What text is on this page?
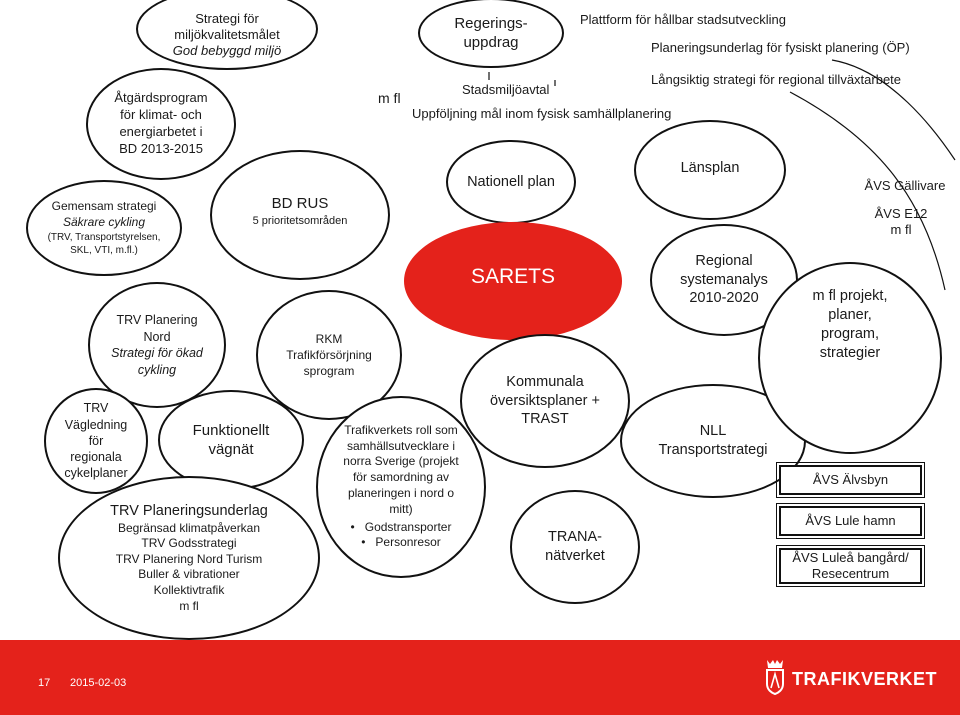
Strategi för
miljökvalitetsmålet
God bebyggd miljö
Regerings-
uppdrag
Plattform för hållbar stadsutveckling
Planeringsunderlag för fysiskt planering (ÖP)
Långsiktig strategi för regional tillväxtarbete
m fl
Stadsmiljöavtal
Uppföljning mål inom fysisk samhällplanering
Åtgärdsprogram
för klimat- och
energiarbetet i
BD 2013-2015
Gemensam strategi
Säkrare cykling
(TRV, Transportstyrelsen,
SKL, VTI, m.fl.)
BD RUS
5 prioritetsområden
TRV Planering
Nord
Strategi för ökad
cykling
RKM
Trafikförsörjning
sprogram
TRV
Vägledning
för
regionala
cykelplaner
Funktionellt
vägnät
TRV Planeringsunderlag
Begränsad klimatpåverkan
TRV Godsstrategi
TRV Planering Nord Turism
Buller & vibrationer
Kollektivtrafik
m fl
Trafikverkets roll som
samhällsutvecklare i
norra Sverige (projekt
för samordning av
planeringen i nord o
mitt)
• Godstransporter
• Personresor
Nationell plan
SARETS
Kommunala
översiktsplaner +
TRAST
TRANA-
nätverket
Länsplan
Regional
systemanalys
2010-2020
NLL
Transportstrategi
m fl projekt,
planer,
program,
strategier
ÅVS Gällivare
ÅVS E12
m fl
ÅVS Älvsbyn
ÅVS Lule hamn
ÅVS Luleå bangård/
Resecentrum
17 2015-02-03	TRAFIKVERKET
